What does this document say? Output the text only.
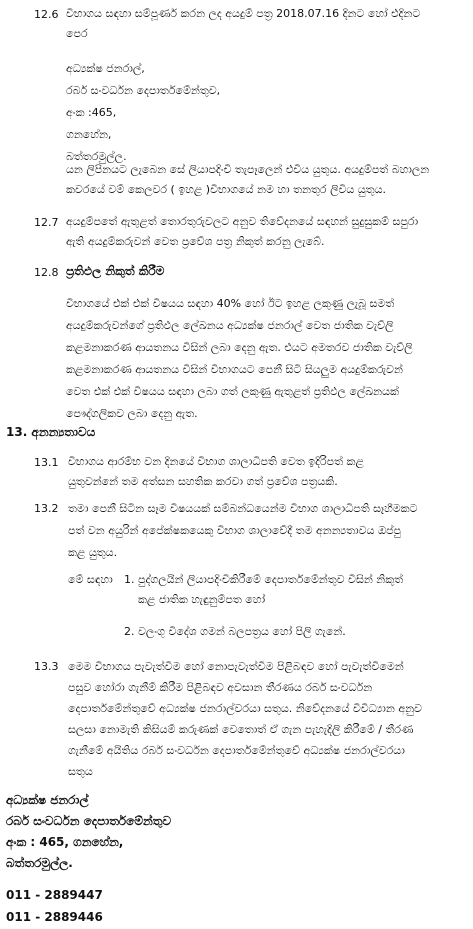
12.6 විභාගය සඳහා සම්පූර්ණ කරන ලද අයදුම් පත්‍ර 2018.07.16 දිනට හෝ එදිනට
පෙර
අධ්‍යක්ෂ ජනරාල්,
රබර් සංවර්ධන දෙපාර්තමේන්තුව,
අංක :465,
ගනහේන,
බත්තරමුල්ල.
යන ලිපිනයට ලැබෙන සේ ලියාපදිංචි තැපෑලෙන් එවිය යුතුය. අයදුම්පත් බහාලන
කවරයේ වම් කෙලවර ( ඉහළ )විභාගයේ නම හා තනතුර ලිවිය යුතුය.
12.7 අයදුම්පතේ ඇතුළත් තොරතුරුවලට අනුව තිවේදනයේ සඳහන් සුදුසුකම් සපුරා
ඇති අයදුම්කරුවන් වෙත ප්‍රවේශ පත්‍ර නිකුත් කරනු ලැබේ.
12.8 ප්‍රතිඵල නිකුත් කිරීම
විභාගයේ එක් එක් විෂයය සඳහා 40% හෝ ඊට ඉහළ ලකුණු ලැබූ සමත්
අයදුම්කරුවන්ගේ ප්‍රතිඵල ලේඛනය අධ්‍යක්ෂ ජනරාල් වෙත ජාතික වැව්ලි
කළමනාකරණ ආයතනය විසින් ලබා දෙනු ඇත. එයට අමතරව ජාතික වැව්ලි
කළමනාකරණ ආයතනය විසින් විභාගයට පෙනී සිටි සියලුම අයදුම්කරුවන්
වෙත එක් එක් විෂයය සඳහා ලබා ගත් ලකුණු ඇතුළත් ප්‍රතිඵල ලේඛනයක්
පෞද්ගලිකව ලබා දෙනු ඇත.
13. අනන්‍යතාවය
13.1 විභාගය ආරම්භ වන දිනයේ විභාග ශාලාධිපති වෙත ඉදිරිපත් කළ
යුතුවන්නේ තම අත්සන සහතික කරවා ගත් ප්‍රවේශ පත්‍රයකි.
13.2 තමා පෙනී සිටින සෑම විෂයයක් සම්බන්ධයෙන්ම විභාග ශාලාධිපති සෑහීමකට
පත් වන අයුරින් අපේක්ෂකයෙකු විභාග ශාලාවේදී තම අනන්‍යතාවය ඔප්පු
කළ යුතුය.
මේ සඳහා 1. පුද්ගලයින් ලියාපදිංචිකිරීමේ දෙපාර්තමේන්තුව විසින් නිකුත්
කළ ජාතික හැඳුනුම්පත හෝ
2. වලංගු විදේශ ගමන් බලපත්‍රය හෝ පිලි ගැනේ.
13.3 මෙම විභාගය පැවැත්වීම හෝ නොපැවැත්වීම පිළිබඳව හෝ පැවැත්වීමෙන්
පසුව හෝරා ගැනීම් කිරීම පිළිබඳව අවසාන තීරණය රබර් සංවර්ධන
දෙපාර්තමේන්තුවේ අධ්‍යක්ෂ ජනරාල්වරයා සතුය. නිවේදනයේ විවිධ්‍යාන අනුව
සලසා නොමැති කිසියම් කරුණක් වෙතොත් ඒ ගැන පැහැදිලි කිරීමේ / තීරණ
ගැනීමේ අයිතිය රබර් සංවර්ධන දෙපාර්තමේන්තුවේ අධ්‍යක්ෂ ජනරාල්වරයා
සතුය
අධ්‍යක්ෂ ජනරාල්
රබර් සංවර්ධන දෙපාර්තමේන්තුව
අංක : 465, ගනහේන,
බත්තරමුල්ල.
011 - 2889447
011 - 2889446
